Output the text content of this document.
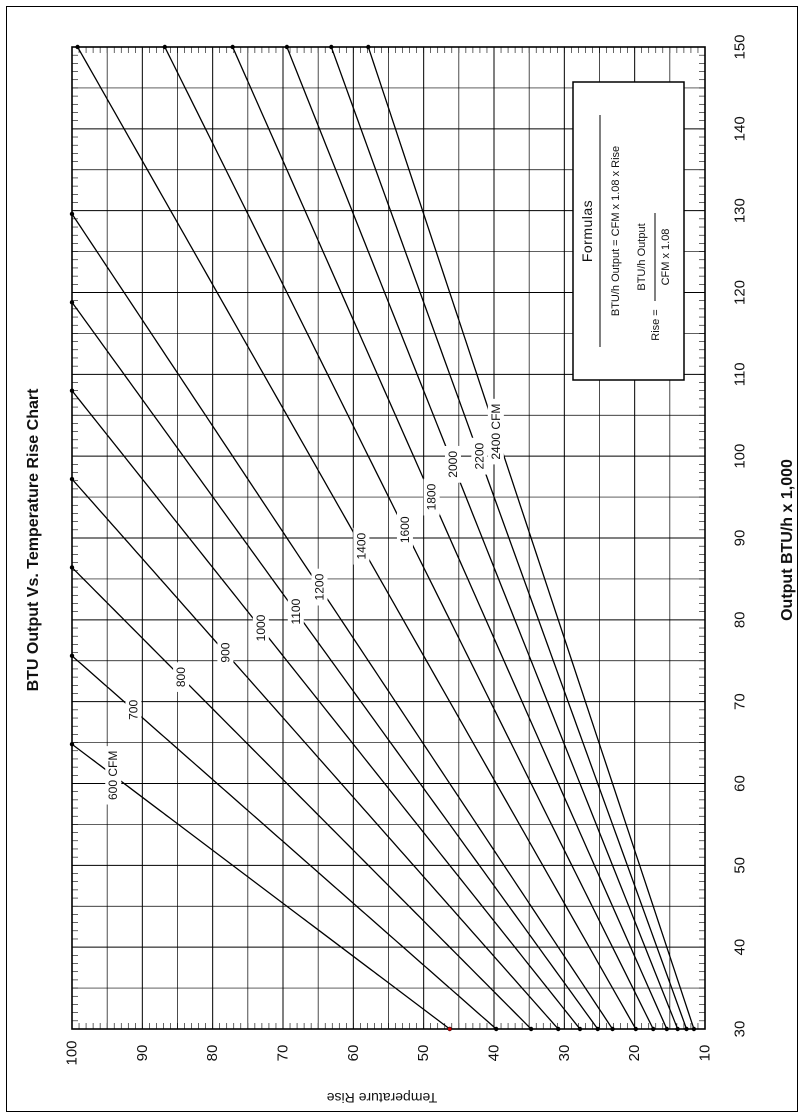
600 CFM
700
800
900
1000
1100
1200
1400
1600
1800
2000 2200 2400 CFM
30
40
50
60
70
80
90
100
110
120
130
140
150
100	90	80	70	60	50	40	30	20	10
Formulas BTU/h Output = CFM x 1.08 x Rise
Rise =
BTU/h Output CFM x 1.08
BTU Output Vs. Temperature Rise Chart	Output BTU/h x 1,000
Temperature Rise
